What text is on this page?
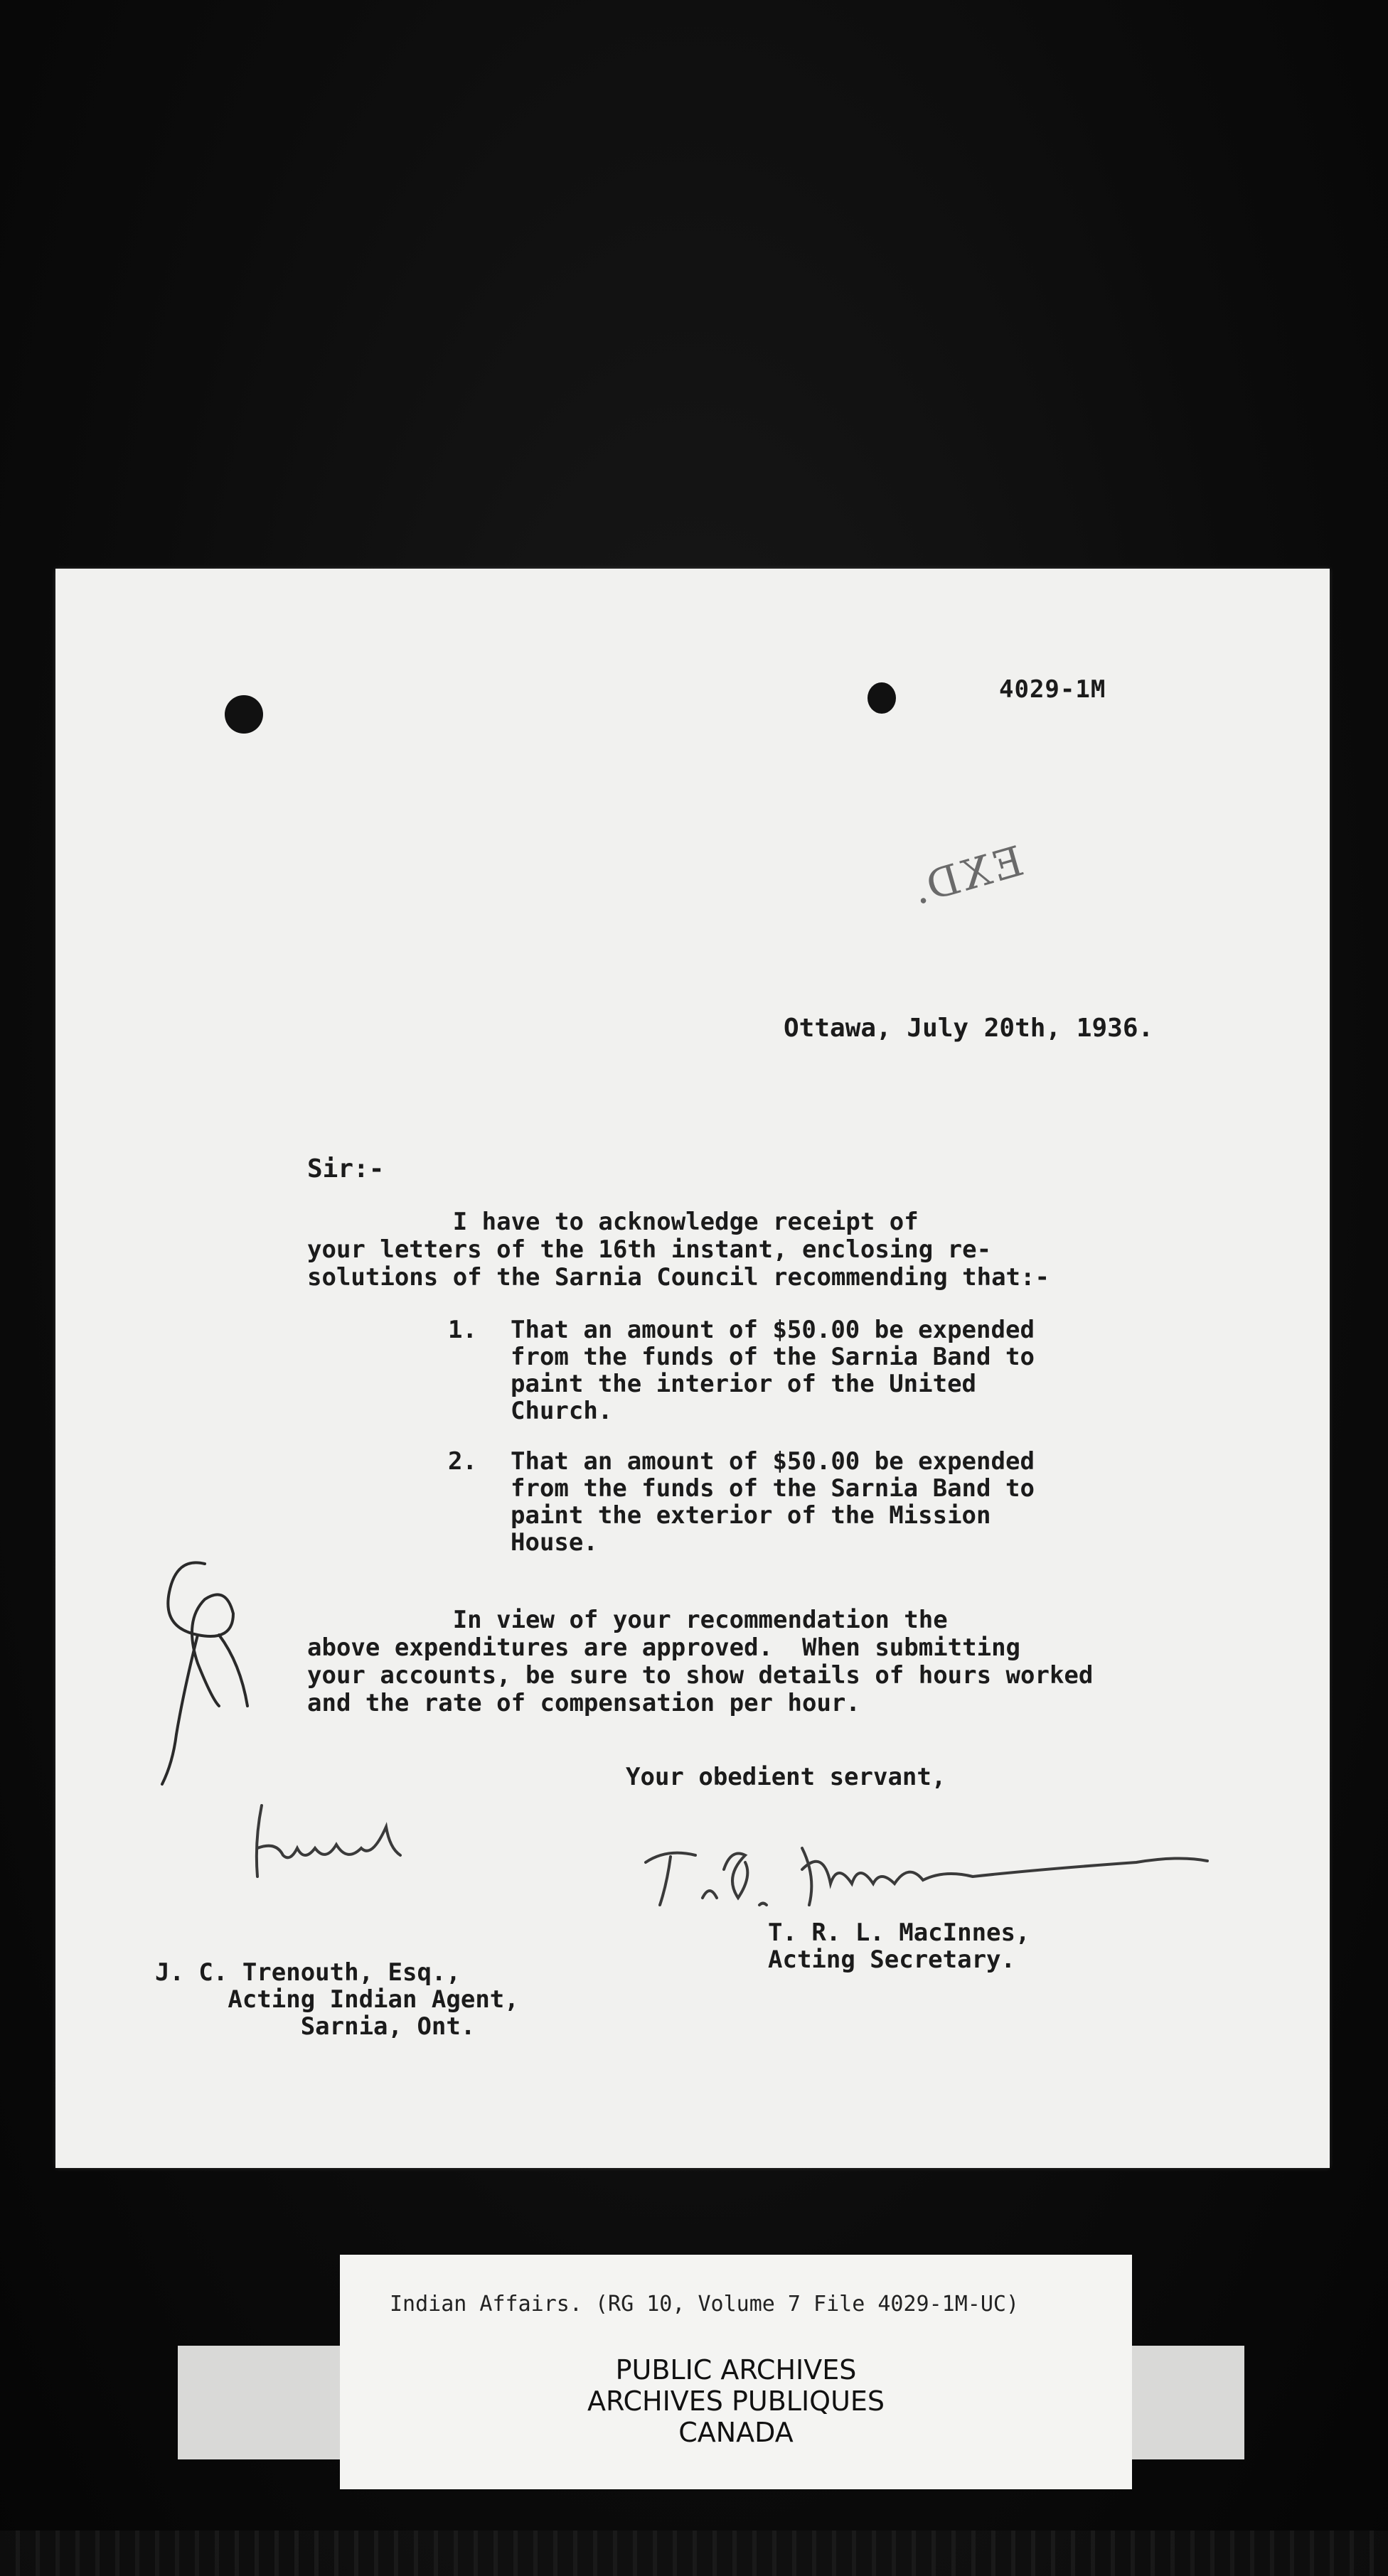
4029-1M
EXD.
Ottawa, July 20th, 1936.
Sir:-
I have to acknowledge receipt of
your letters of the 16th instant, enclosing re-
solutions of the Sarnia Council recommending that:-

1.

That an amount of $50.00 be expended
from the funds of the Sarnia Band to
paint the interior of the United
Church.

2.

That an amount of $50.00 be expended
from the funds of the Sarnia Band to
paint the exterior of the Mission
House.

In view of your recommendation the
above expenditures are approved.  When submitting
your accounts, be sure to show details of hours worked
and the rate of compensation per hour.
Your obedient servant,
T. R. L. MacInnes,
Acting Secretary.
J. C. Trenouth, Esq.,
Acting Indian Agent,
Sarnia, Ont.
Indian Affairs. (RG 10, Volume 7 File 4029-1M-UC)
PUBLIC ARCHIVES
ARCHIVES PUBLIQUES
CANADA
